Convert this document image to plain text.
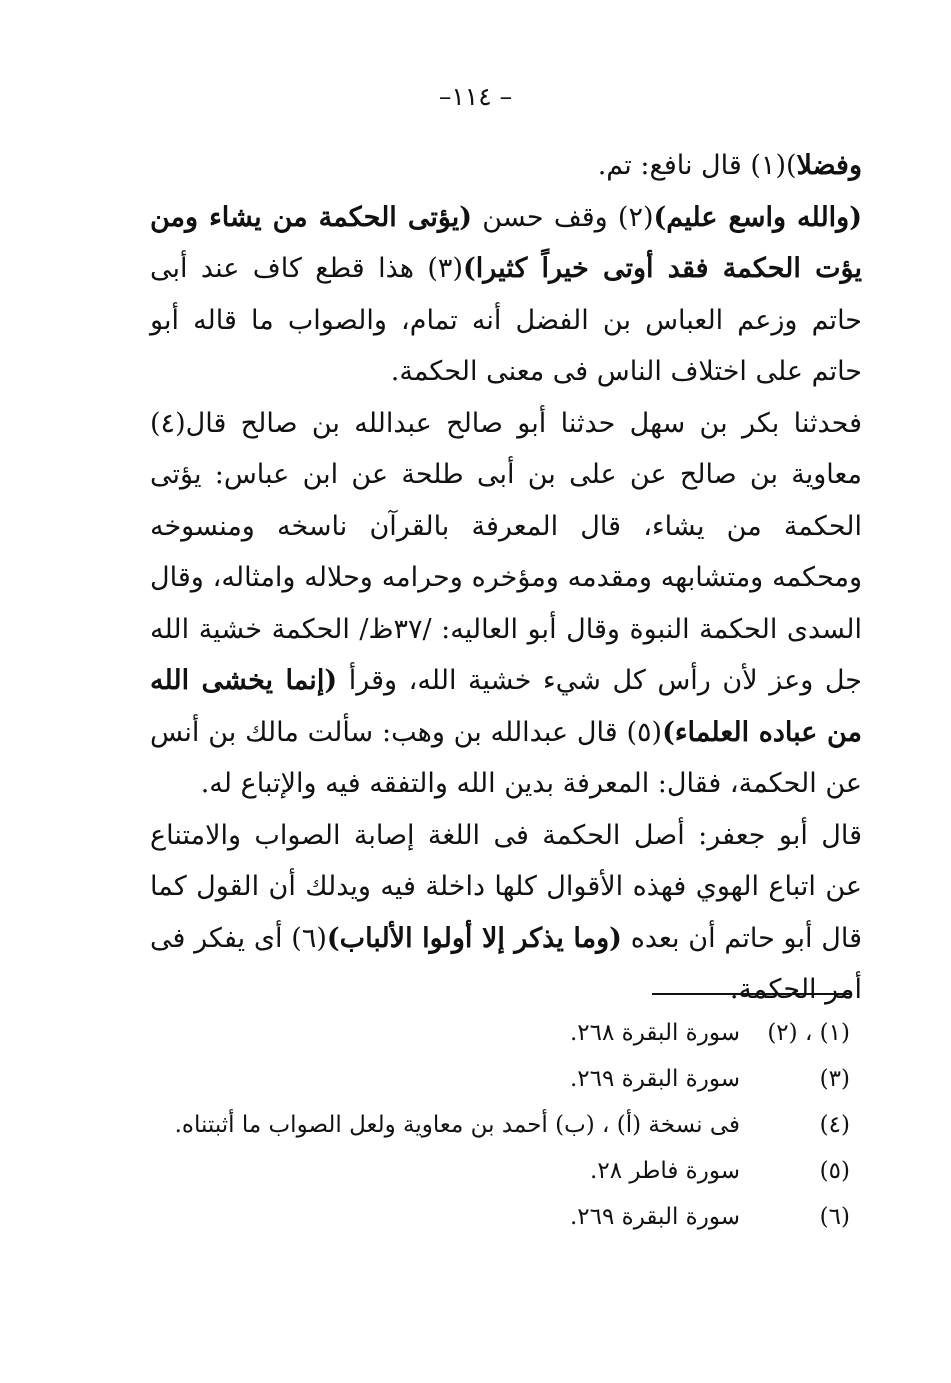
–١١٤ –

وفضلا)(١) قال نافع: تم.

(والله واسع عليم)(٢) وقف حسن (يؤتى الحكمة من يشاء ومن يؤت الحكمة فقد أوتى خيراً كثيرا)(٣) هذا قطع كاف عند أبى حاتم وزعم العباس بن الفضل أنه تمام، والصواب ما قاله أبو حاتم على اختلاف الناس فى معنى الحكمة.

فحدثنا بكر بن سهل حدثنا أبو صالح عبدالله بن صالح قال(٤) معاوية بن صالح عن على بن أبى طلحة عن ابن عباس: يؤتى الحكمة من يشاء، قال المعرفة بالقرآن ناسخه ومنسوخه ومحكمه ومتشابهه ومقدمه ومؤخره وحرامه وحلاله وامثاله، وقال السدى الحكمة النبوة وقال أبو العاليه: /٣٧ظ/ الحكمة خشية الله جل وعز لأن رأس كل شيء خشية الله، وقرأ (إنما يخشى الله من عباده العلماء)(٥) قال عبدالله بن وهب: سألت مالك بن أنس عن الحكمة، فقال: المعرفة بدين الله والتفقه فيه والإتباع له.

قال أبو جعفر: أصل الحكمة فى اللغة إصابة الصواب والامتناع عن اتباع الهوي فهذه الأقوال كلها داخلة فيه ويدلك أن القول كما قال أبو حاتم أن بعده (وما يذكر إلا أولوا الألباب)(٦) أى يفكر فى أمر الحكمة.

(١) ، (٢)
سورة البقرة ٢٦٨.
(٣)
سورة البقرة ٢٦٩.
(٤)
فى نسخة (أ) ، (ب) أحمد بن معاوية ولعل الصواب ما أثبتناه.
(٥)
سورة فاطر ٢٨.
(٦)
سورة البقرة ٢٦٩.
